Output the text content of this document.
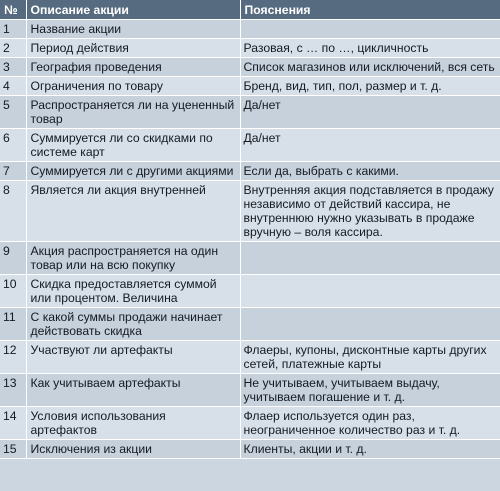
№	Описание акции	Пояснения
1	Название акции	
2	Период действия	Разовая, с … по …, цикличность
3	География проведения	Список магазинов или исключений, вся сеть
4	Ограничения по товару	Бренд, вид, тип, пол, размер и т. д.
5	Распространяется ли на уцененный товар	Да/нет
6	Суммируется ли со скидками по системе карт	Да/нет
7	Суммируется ли с другими акциями	Если да, выбрать с какими.
8	Является ли акция внутренней	Внутренняя акция подставляется в продажу независимо от действий кассира, не внутреннюю нужно указывать в продаже вручную – воля кассира.
9	Акция распространяется на один товар или на всю покупку	
10	Скидка предоставляется суммой или процентом. Величина	
11	С какой суммы продажи начинает действовать скидка	
12	Участвуют ли артефакты	Флаеры, купоны, дисконтные карты других сетей, платежные карты
13	Как учитываем артефакты	Не учитываем, учитываем выдачу, учитываем погашение и т. д.
14	Условия использования артефактов	Флаер используется один раз, неограниченное количество раз и т. д.
15	Исключения из акции	Клиенты, акции и т. д.
